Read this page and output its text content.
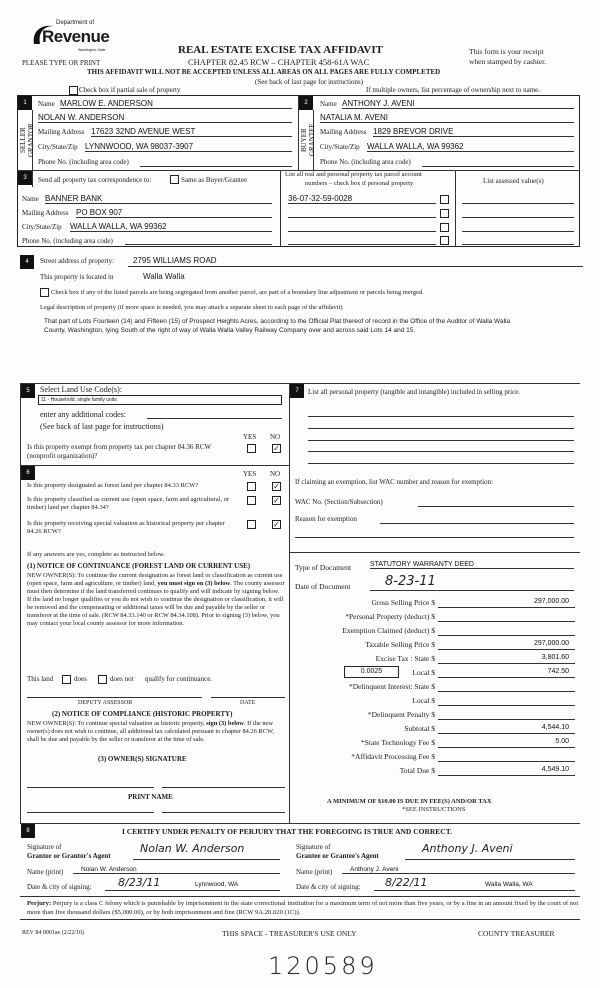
Department of
Revenue
Washington State
PLEASE TYPE OR PRINT
REAL ESTATE EXCISE TAX AFFIDAVIT
CHAPTER 82.45 RCW – CHAPTER 458-61A WAC
This form is your receipt
when stamped by cashier.
THIS AFFIDAVIT WILL NOT BE ACCEPTED UNLESS ALL AREAS ON ALL PAGES ARE FULLY COMPLETED
(See back of last page for instructions)
Check box if partial sale of property	If multiple owners, list percentage of ownership next to name.
1
SELLER
GRANTOR
Name MARLOW E. ANDERSON
NOLAN W. ANDERSON
Mailing Address 17623 32ND AVENUE WEST
City/State/Zip LYNNWOOD, WA 98037-3907
Phone No. (including area code)
2
BUYER
GRANTEE
Name ANTHONY J. AVENI
NATALIA M. AVENI
Mailing Address 1829 BREVOR DRIVE
City/State/Zip WALLA WALLA, WA 99362
Phone No. (including area code)
3	Send all property tax correspondence to:	Same as Buyer/Grantee
Name BANNER BANK
Mailing Address PO BOX 907
City/State/Zip WALLA WALLA, WA 99362
Phone No. (including area code)
List all real and personal property tax parcel account
numbers – check box if personal property	List assessed value(s)
36-07-32-59-0028
4	Street address of property: 2795 WILLIAMS ROAD
This property is located in	Walla Walla
Check box if any of the listed parcels are being segregated from another parcel, are part of a boundary line adjustment or parcels being merged.
Legal description of property (if more space is needed, you may attach a separate sheet to each page of the affidavit)
That part of Lots Fourteen (14) and Fifteen (15) of Prospect Heights Acres, according to the Official Plat thereof of record in the Office of the Auditor of Walla Walla County, Washington, lying South of the right of way of Walla Walla Valley Railway Company over and across said Lots 14 and 15.
5	Select Land Use Code(s):
11 - Household, single family units
enter any additional codes:
(See back of last page for instructions)
YES NO
Is this property exempt from property tax per chapter 84.36 RCW (nonprofit organization)?
✓
6	YES NO
Is this property designated as forest land per chapter 84.33 RCW?	✓
Is this property classified as current use (open space, farm and agricultural, or timber) land per chapter 84.34?
✓
Is this property receiving special valuation as historical property per chapter 84.26 RCW?
✓
If any answers are yes, complete as instructed below.
(1) NOTICE OF CONTINUANCE (FOREST LAND OR CURRENT USE)
NEW OWNER(S): To continue the current designation as forest land or classification as current use (open space, farm and agriculture, or timber) land, you must sign on (3) below. The county assessor must then determine if the land transferred continues to qualify and will indicate by signing below. If the land no longer qualifies or you do not wish to continue the designation or classification, it will be removed and the compensating or additional taxes will be due and payable by the seller or transferor at the time of sale. (RCW 84.33.140 or RCW 84.34.108). Prior to signing (3) below, you may contact your local county assessor for more information.
This land	does	does not qualify for continuance.
DEPUTY ASSESSOR	DATE
(2) NOTICE OF COMPLIANCE (HISTORIC PROPERTY)
NEW OWNER(S): To continue special valuation as historic property, sign (3) below. If the new owner(s) does not wish to continue, all additional tax calculated pursuant to chapter 84.26 RCW, shall be due and payable by the seller or transferor at the time of sale.
(3) OWNER(S) SIGNATURE
PRINT NAME
7	List all personal property (tangible and intangible) included in selling price.
If claiming an exemption, list WAC number and reason for exemption:
WAC No. (Section/Subsection)
Reason for exemption
Type of Document	STATUTORY WARRANTY DEED
Date of Document	8-23-11
Gross Selling Price $	297,000.00
*Personal Property (deduct) $
Exemption Claimed (deduct) $
Taxable Selling Price $	297,000.00
Excise Tax : State $	3,801.60
0.0025	Local $	742.50
*Delinquent Interest: State $
Local $
*Delinquent Penalty $
Subtotal $	4,544.10
*State Technology Fee $	5.00
*Affidavit Processing Fee $
Total Due $	4,549.10
A MINIMUM OF $10.00 IS DUE IN FEE(S) AND/OR TAX
*SEE INSTRUCTIONS
8	I CERTIFY UNDER PENALTY OF PERJURY THAT THE FOREGOING IS TRUE AND CORRECT.
Signature of
Grantor or Grantor's Agent
Nolan W. Anderson
Name (print)	Nolan W. Anderson
Date & city of signing: 8/23/11	Lynnwood, WA
Signature of
Grantee or Grantee's Agent
Anthony J. Aveni
Name (print)	Anthony J. Aveni
Date & city of signing: 8/22/11	Walla Walla, WA
Perjury: Perjury is a class C felony which is punishable by imprisonment in the state correctional institution for a maximum term of not more than five years, or by a fine in an amount fixed by the court of not more than five thousand dollars ($5,000.00), or by both imprisonment and fine (RCW 9A.20.020 (1C)).
REV 84 0001ae (2/22/10)	THIS SPACE - TREASURER'S USE ONLY	COUNTY TREASURER
120589
